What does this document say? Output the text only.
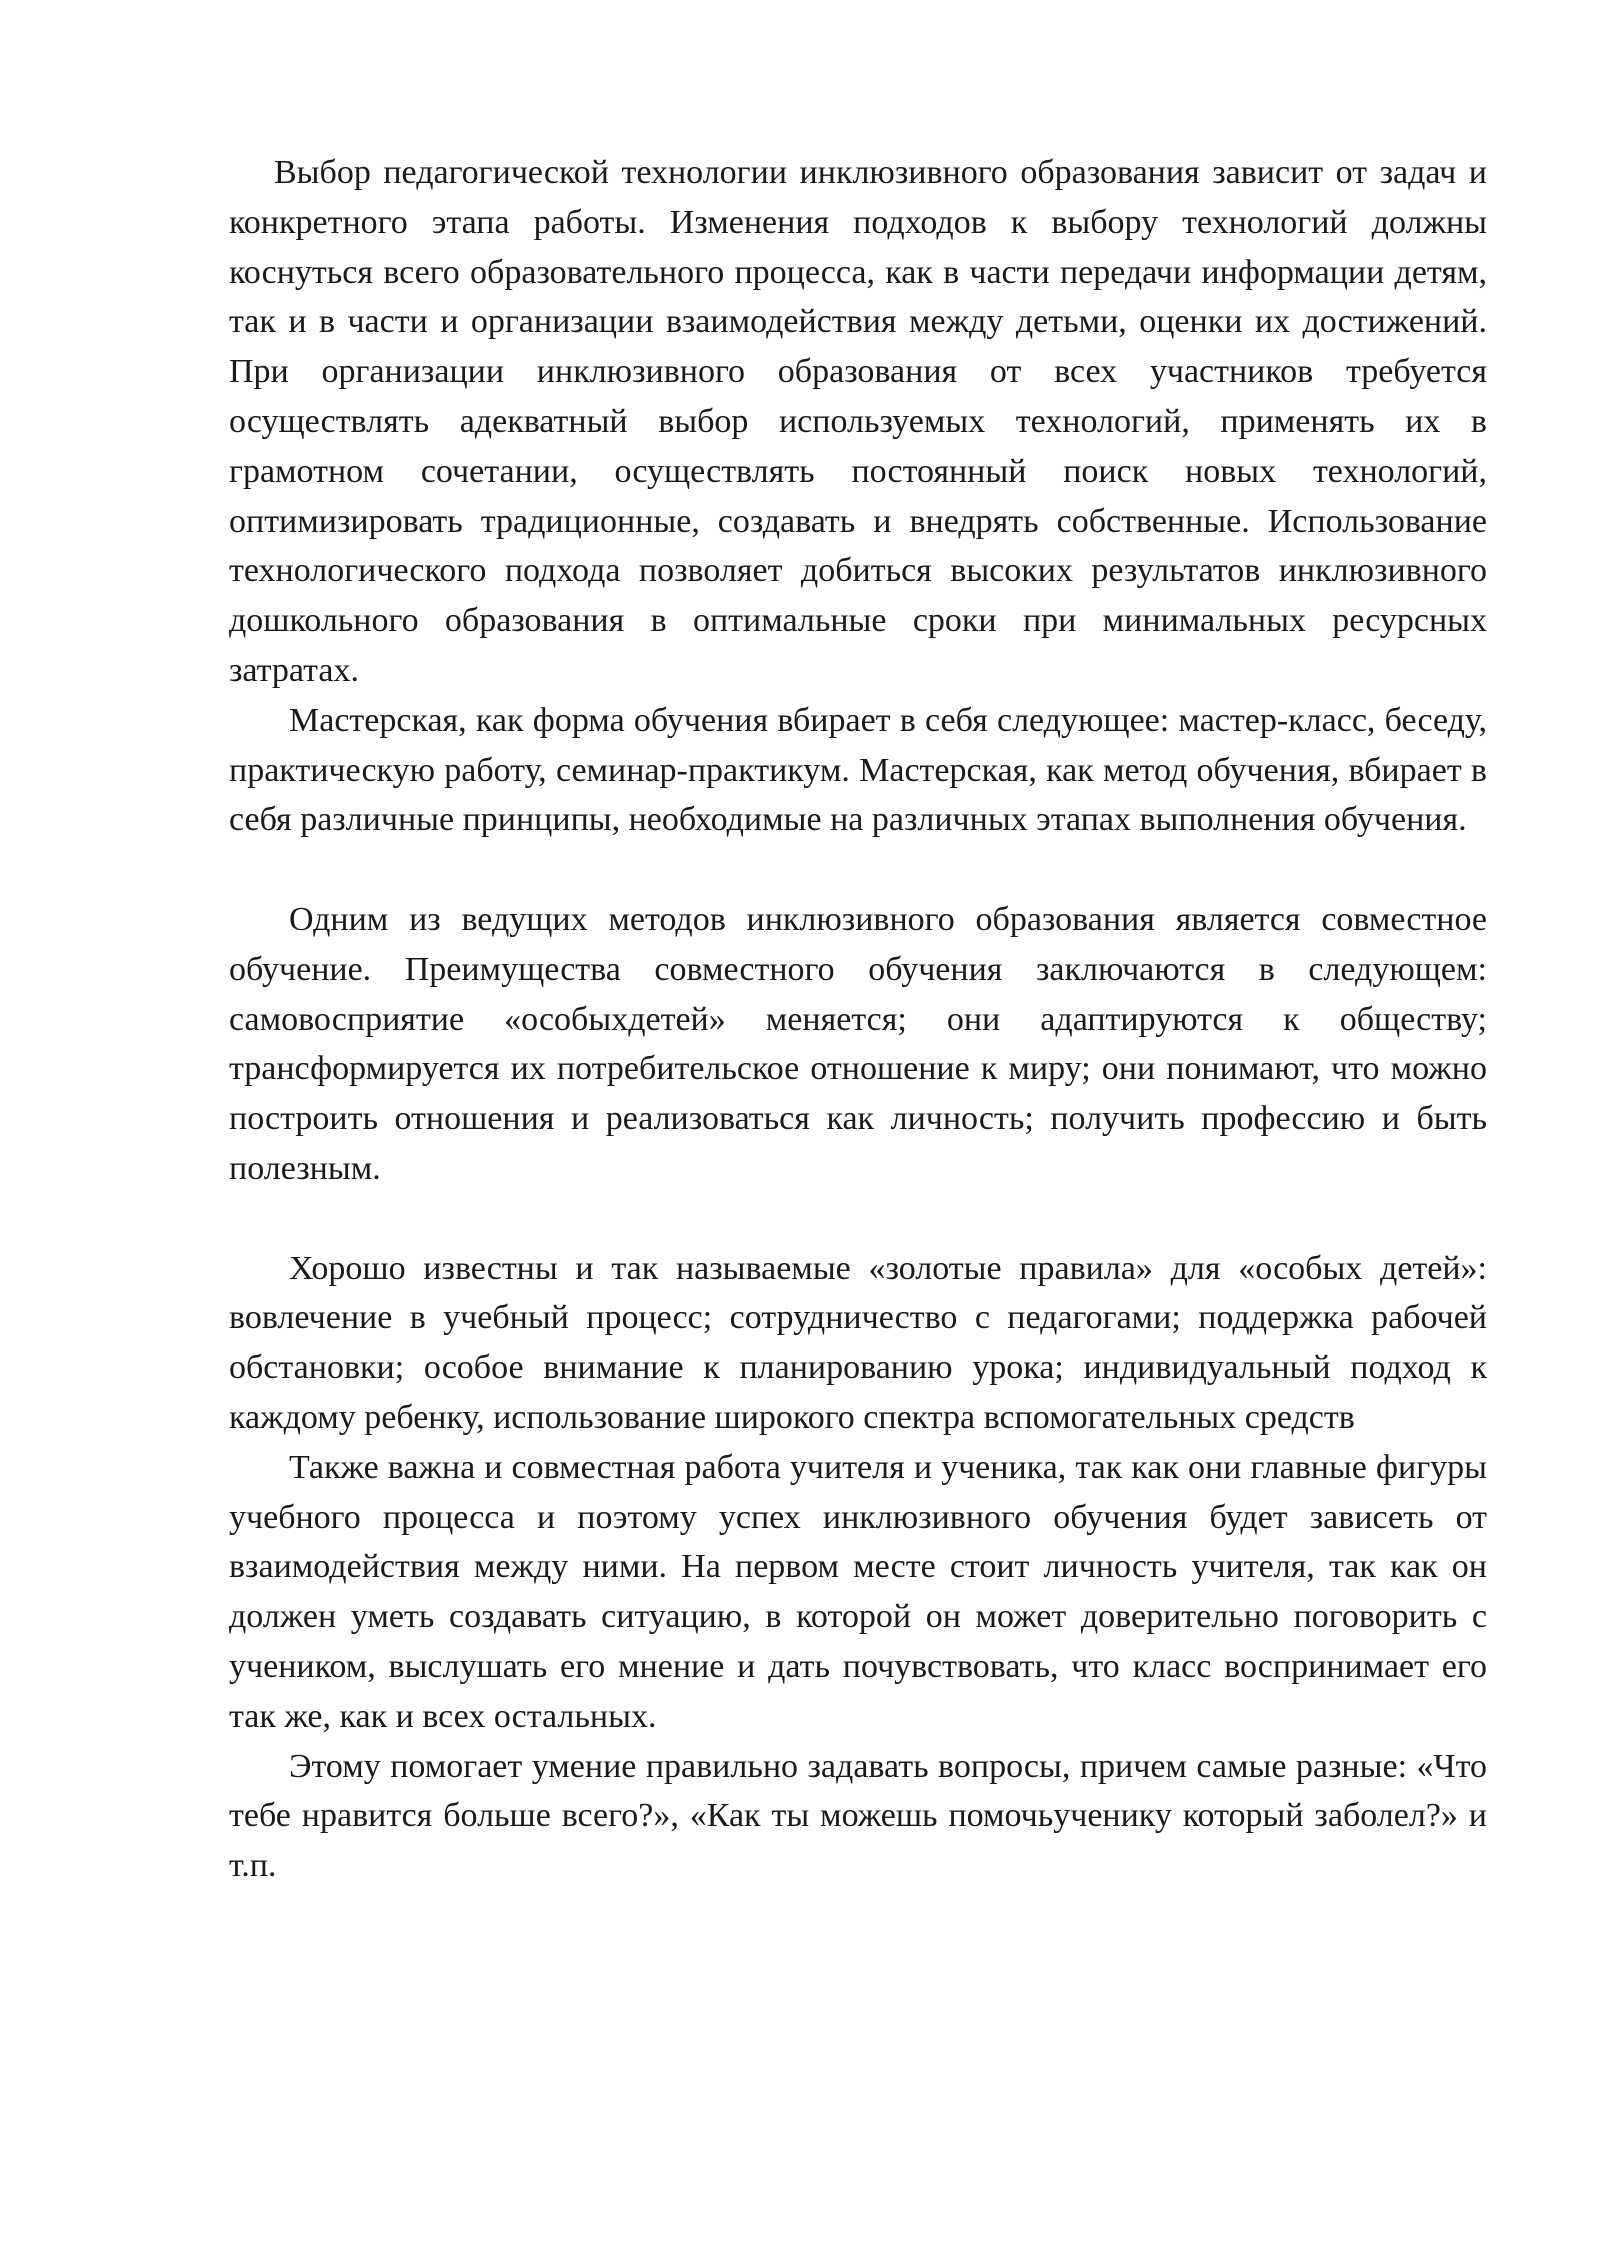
Выбор педагогической технологии инклюзивного образования зависит от задач и конкретного этапа работы. Изменения подходов к выбору технологий должны коснуться всего образовательного процесса, как в части передачи информации детям, так и в части и организации взаимодействия между детьми, оценки их достижений. При организации инклюзивного образования от всех участников требуется осуществлять адекватный выбор используемых технологий, применять их в грамотном сочетании, осуществлять постоянный поиск новых технологий, оптимизировать традиционные, создавать и внедрять собственные. Использование технологического подхода позволяет добиться высоких результатов инклюзивного дошкольного образования в оптимальные сроки при минимальных ресурсных затратах.

Мастерская, как форма обучения вбирает в себя следующее: мастер-класс, беседу, практическую работу, семинар-практикум. Мастерская, как метод обучения, вбирает в себя различные принципы, необходимые на различных этапах выполнения обучения.

Одним из ведущих методов инклюзивного образования является совместное обучение. Преимущества совместного обучения заключаются в следующем: самовосприятие «особыхдетей» меняется; они адаптируются к обществу; трансформируется их потребительское отношение к миру; они понимают, что можно построить отношения и реализоваться как личность; получить профессию и быть полезным.

Хорошо известны и так называемые «золотые правила» для «особых детей»: вовлечение в учебный процесс; сотрудничество с педагогами; поддержка рабочей обстановки; особое внимание к планированию урока; индивидуальный подход к каждому ребенку, использование широкого спектра вспомогательных средств

Также важна и совместная работа учителя и ученика, так как они главные фигуры учебного процесса и поэтому успех инклюзивного обучения будет зависеть от взаимодействия между ними. На первом месте стоит личность учителя, так как он должен уметь создавать ситуацию, в которой он может доверительно поговорить с учеником, выслушать его мнение и дать почувствовать, что класс воспринимает его так же, как и всех остальных.

Этому помогает умение правильно задавать вопросы, причем самые разные: «Что тебе нравится больше всего?», «Как ты можешь помочьученику который заболел?» и т.п.
